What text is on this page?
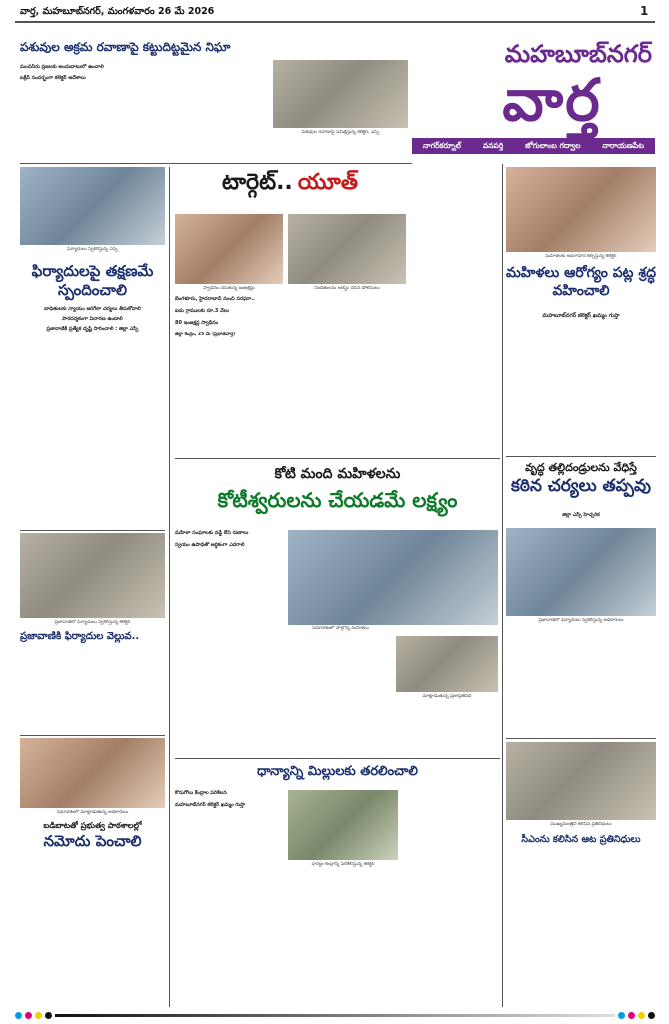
వార్త, మహబూబ్‌నగర్, మంగళవారం 26 మే 2026	1
మహబూబ్‌నగర్
వార్త
నాగర్‌కర్నూల్	వనపర్తి	జోగులాంబ గద్వాల	నారాయణపేట
పశువుల అక్రమ రవాణాపై కట్టుదిట్టమైన నిఘా
మంచినీరు ప్రజలకు అందుబాటులో ఉంచాలి
బక్రీద్ సందర్భంగా కలెక్టర్ ఆదేశాలు
పశువుల రవాణాపై సమీక్షిస్తున్న కలెక్టర్, ఎస్పీ
ఫిర్యాదులు స్వీకరిస్తున్న ఎస్పీ
ఫిర్యాదులపై తక్షణమే స్పందించాలి
బాధితులకు న్యాయం జరిగేలా చర్యలు తీసుకోవాలి
పారదర్శకంగా విచారణ ఉండాలి
ప్రజావాణికి ప్రత్యేక దృష్టి సారించాలి : జిల్లా ఎస్పీ
ప్రజావాణిలో ఫిర్యాదులు స్వీకరిస్తున్న కలెక్టర్
ప్రజావాణికి ఫిర్యాదుల వెల్లువ..
సమావేశంలో మాట్లాడుతున్న అధికారులు
బడిబాటతో ప్రభుత్వ పాఠశాలల్లో
నమోదు పెంచాలి
టార్గెట్.. యూత్
స్వాధీనం చేసుకున్న ఇంజక్షన్లు	నిందితులను అరెస్టు చేసిన పోలీసులు
బెంగళూరు, హైదరాబాద్ నుంచి సరఫరా..
ఐదు గ్రాములకు రూ.3 వేలు
80 ఇంజక్షన్ల స్వాధీనం
జిల్లా కేంద్రం, 25 మే (ప్రభాతవార్త)
మహిళలకు అవగాహన కల్పిస్తున్న కలెక్టర్
మహిళలు ఆరోగ్యం పట్ల శ్రద్ధ వహించాలి
మహబూబ్‌నగర్ కలెక్టర్ ఖమ్మం గుప్తా
వృద్ధ తల్లిదండ్రులను వేధిస్తే
కఠిన చర్యలు తప్పవు
జిల్లా ఎస్పీ హెచ్చరిక
ప్రజావాణిలో ఫిర్యాదులు స్వీకరిస్తున్న అధికారులు
ముఖ్యమంత్రిని కలిసిన ప్రతినిధులు
సీఎంను కలిసిన ఆట ప్రతినిధులు
కోటి మంది మహిళలను
కోటీశ్వరులను చేయడమే లక్ష్యం
మహిళా సంఘాలకు వడ్డీ లేని రుణాలు
స్వయం ఉపాధితో ఆర్థికంగా ఎదగాలి
సమావేశంలో పాల్గొన్న మహిళలు
మాట్లాడుతున్న ప్రజాప్రతినిధి
ధాన్యాన్ని మిల్లులకు తరలించాలి
కొనుగోలు కేంద్రాల పరిశీలన
మహబూబ్‌నగర్ కలెక్టర్ ఖమ్మం గుప్తా
ధాన్యం కేంద్రాన్ని పరిశీలిస్తున్న కలెక్టర్
